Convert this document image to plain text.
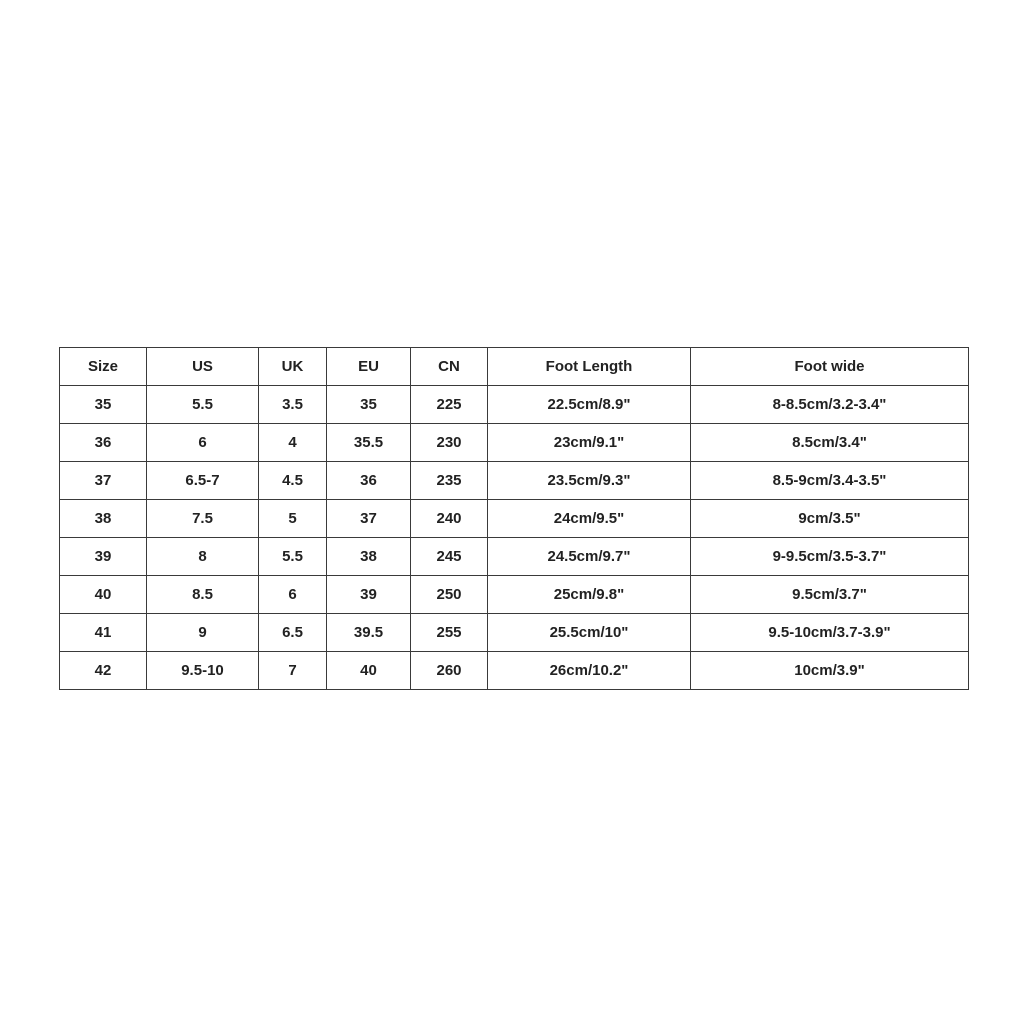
Size	US	UK	EU	CN	Foot Length	Foot wide
35	5.5	3.5	35	225	22.5cm/8.9"	8-8.5cm/3.2-3.4"
36	6	4	35.5	230	23cm/9.1"	8.5cm/3.4"
37	6.5-7	4.5	36	235	23.5cm/9.3"	8.5-9cm/3.4-3.5"
38	7.5	5	37	240	24cm/9.5"	9cm/3.5"
39	8	5.5	38	245	24.5cm/9.7"	9-9.5cm/3.5-3.7"
40	8.5	6	39	250	25cm/9.8"	9.5cm/3.7"
41	9	6.5	39.5	255	25.5cm/10"	9.5-10cm/3.7-3.9"
42	9.5-10	7	40	260	26cm/10.2"	10cm/3.9"
